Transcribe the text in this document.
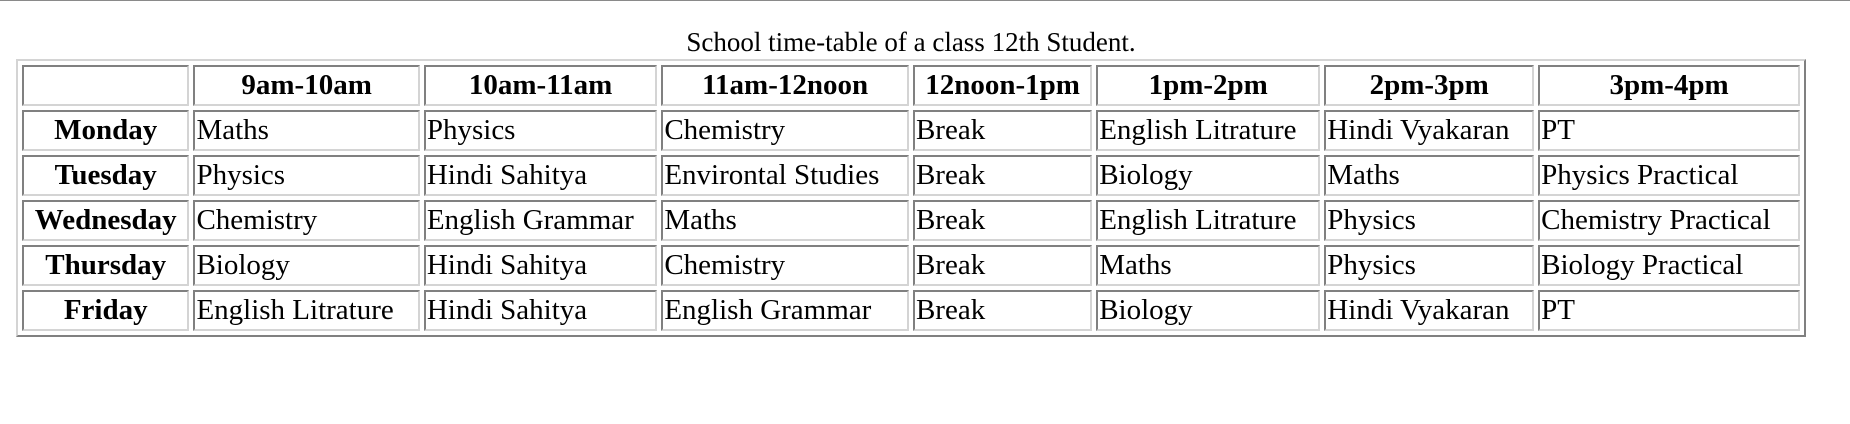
School time-table of a class 12th Student.
	9am-10am	10am-11am	11am-12noon	12noon-1pm	1pm-2pm	2pm-3pm	3pm-4pm
Monday	Maths	Physics	Chemistry	Break	English Litrature	Hindi Vyakaran	PT
Tuesday	Physics	Hindi Sahitya	Environtal Studies	Break	Biology	Maths	Physics Practical
Wednesday	Chemistry	English Grammar	Maths	Break	English Litrature	Physics	Chemistry Practical
Thursday	Biology	Hindi Sahitya	Chemistry	Break	Maths	Physics	Biology Practical
Friday	English Litrature	Hindi Sahitya	English Grammar	Break	Biology	Hindi Vyakaran	PT
